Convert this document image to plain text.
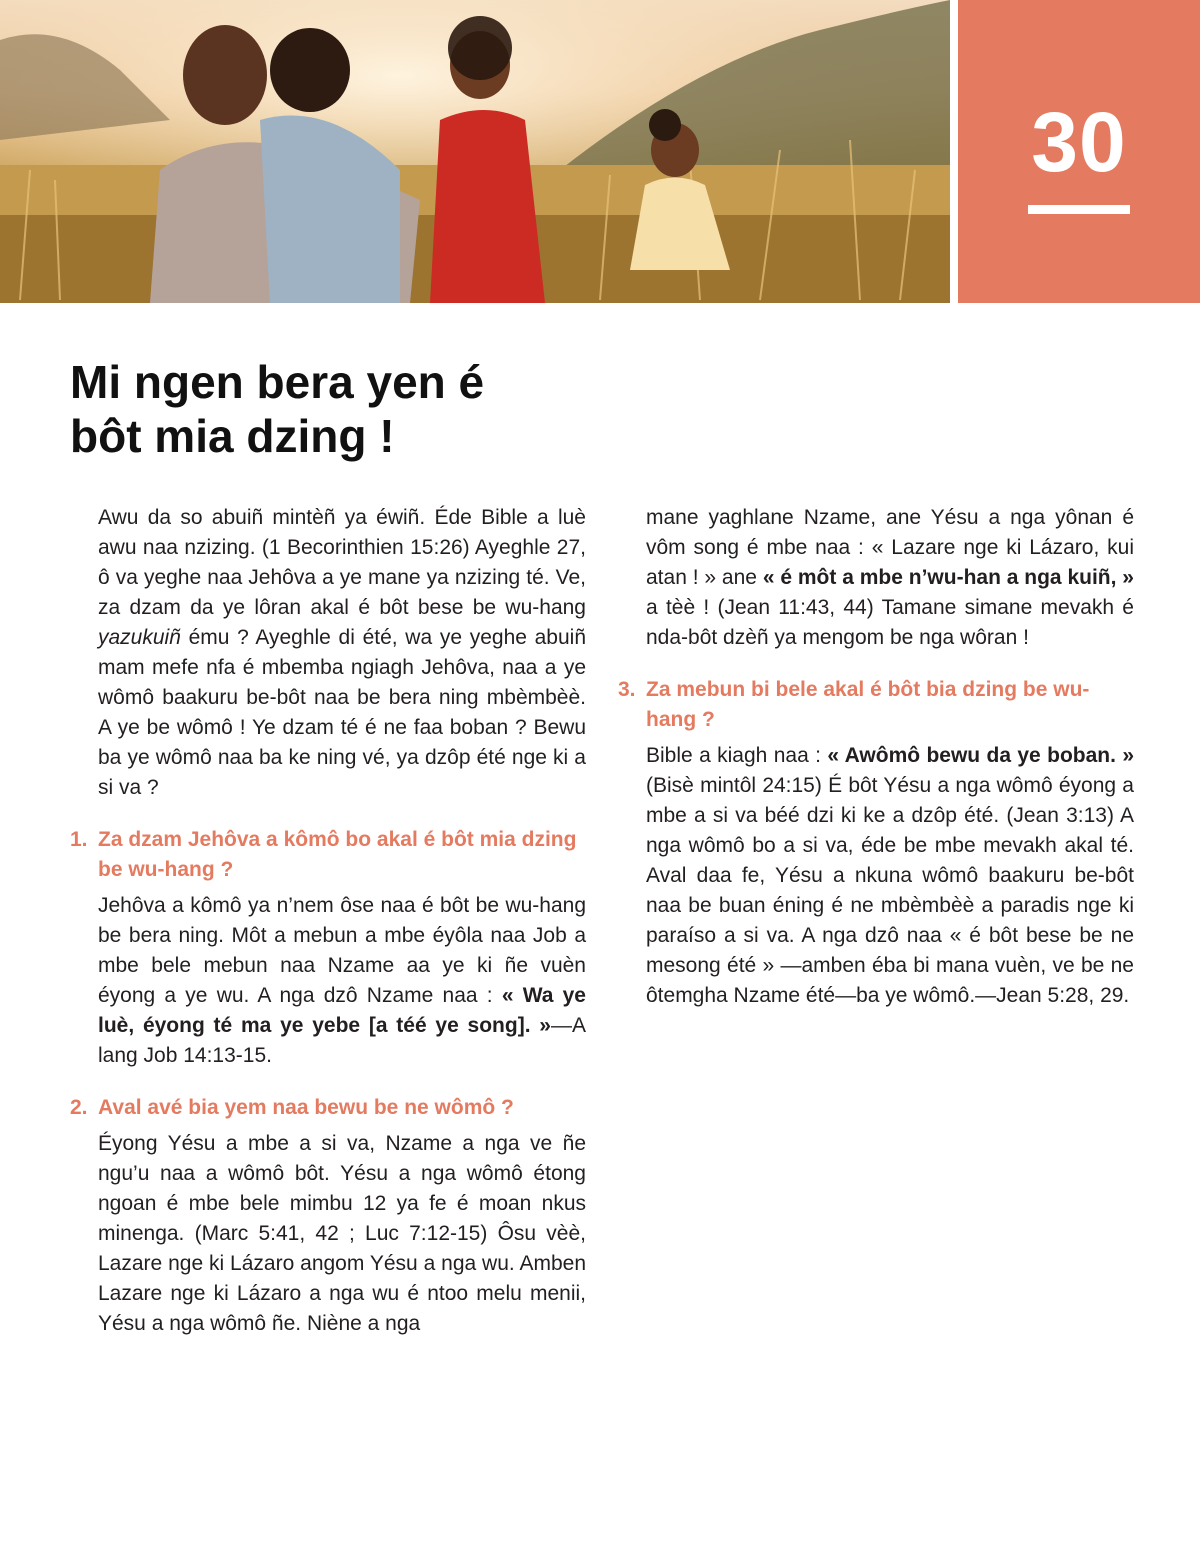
30
Mi ngen bera yen é
bôt mia dzing !

Awu da so abuiñ mintèñ ya éwiñ. Éde Bible a luè awu naa nzizing. (1 Becorinthien 15:26) Ayeghle 27, ô va yeghe naa Jehôva a ye mane ya nzizing té. Ve, za dzam da ye lôran akal é bôt bese be wu-hang yazukuiñ ému ? Ayeghle di été, wa ye yeghe abuiñ mam mefe nfa é mbemba ngiagh Jehôva, naa a ye wômô baakuru be-bôt naa be bera ning mbèmbèè. A ye be wômô ! Ye dzam té é ne faa boban ? Bewu ba ye wômô naa ba ke ning vé, ya dzôp été nge ki a si va ?

1. Za dzam Jehôva a kômô bo akal é bôt mia dzing be wu-hang ?

Jehôva a kômô ya n’nem ôse naa é bôt be wu-hang be bera ning. Môt a mebun a mbe éyôla naa Job a mbe bele mebun naa Nzame aa ye ki ñe vuèn éyong a ye wu. A nga dzô Nzame naa : « Wa ye luè, éyong té ma ye yebe [a téé ye song]. »—A lang Job 14:13-15.

2. Aval avé bia yem naa bewu be ne wômô ?

Éyong Yésu a mbe a si va, Nzame a nga ve ñe ngu’u naa a wômô bôt. Yésu a nga wômô étong ngoan é mbe bele mimbu 12 ya fe é moan nkus minenga. (Marc 5:41, 42 ; Luc 7:12-15) Ôsu vèè, Lazare nge ki Lázaro angom Yésu a nga wu. Amben Lazare nge ki Lázaro a nga wu é ntoo melu menii, Yésu a nga wômô ñe. Niène a nga

mane yaghlane Nzame, ane Yésu a nga yônan é vôm song é mbe naa : « Lazare nge ki Lázaro, kui atan ! » ane « é môt a mbe n’wu-han a nga kuiñ, » a tèè ! (Jean 11:43, 44) Tamane simane mevakh é nda-bôt dzèñ ya mengom be nga wôran !

3. Za mebun bi bele akal é bôt bia dzing be wu-hang ?

Bible a kiagh naa : « Awômô bewu da ye boban. » (Bisè mintôl 24:15) É bôt Yésu a nga wômô éyong a mbe a si va béé dzi ki ke a dzôp été. (Jean 3:13) A nga wômô bo a si va, éde be mbe mevakh akal té. Aval daa fe, Yésu a nkuna wômô baakuru be-bôt naa be buan éning é ne mbèmbèè a paradis nge ki paraíso a si va. A nga dzô naa « é bôt bese be ne mesong été » —amben éba bi mana vuèn, ve be ne ôtemgha Nzame été—ba ye wômô.—Jean 5:28, 29.
